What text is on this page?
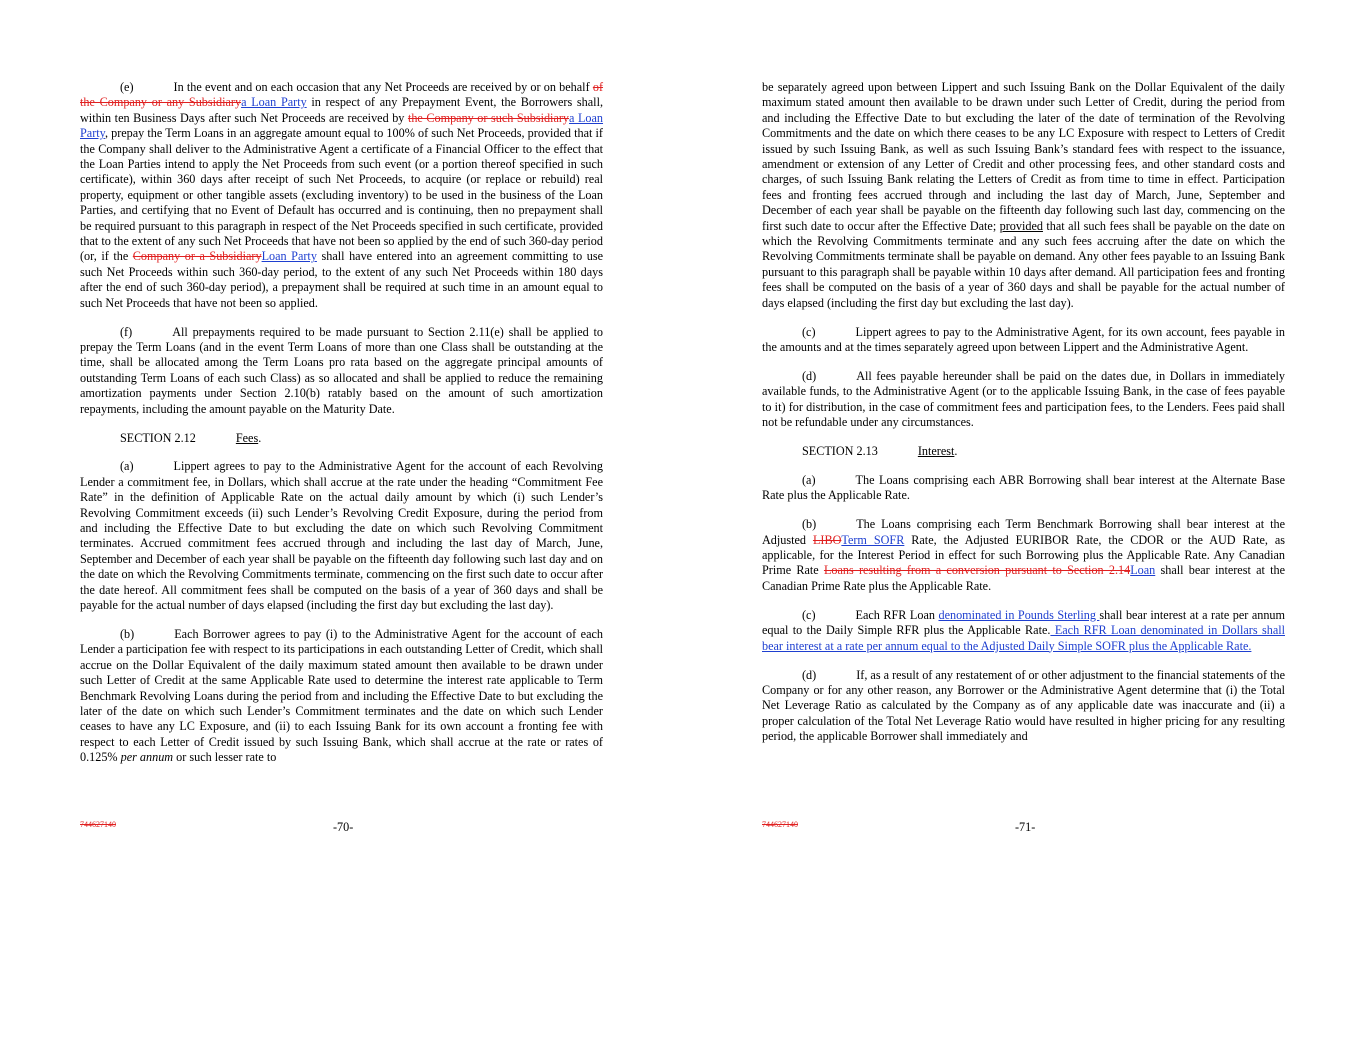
(e)	In the event and on each occasion that any Net Proceeds are received by or on behalf of the Company or any Subsidiarya Loan Party in respect of any Prepayment Event, the Borrowers shall, within ten Business Days after such Net Proceeds are received by the Company or such Subsidiarya Loan Party, prepay the Term Loans in an aggregate amount equal to 100% of such Net Proceeds, provided that if the Company shall deliver to the Administrative Agent a certificate of a Financial Officer to the effect that the Loan Parties intend to apply the Net Proceeds from such event (or a portion thereof specified in such certificate), within 360 days after receipt of such Net Proceeds, to acquire (or replace or rebuild) real property, equipment or other tangible assets (excluding inventory) to be used in the business of the Loan Parties, and certifying that no Event of Default has occurred and is continuing, then no prepayment shall be required pursuant to this paragraph in respect of the Net Proceeds specified in such certificate, provided that to the extent of any such Net Proceeds that have not been so applied by the end of such 360-day period (or, if the Company or a SubsidiaryLoan Party shall have entered into an agreement committing to use such Net Proceeds within such 360-day period, to the extent of any such Net Proceeds within 180 days after the end of such 360-day period), a prepayment shall be required at such time in an amount equal to such Net Proceeds that have not been so applied.

(f)	All prepayments required to be made pursuant to Section 2.11(e) shall be applied to prepay the Term Loans (and in the event Term Loans of more than one Class shall be outstanding at the time, shall be allocated among the Term Loans pro rata based on the aggregate principal amounts of outstanding Term Loans of each such Class) as so allocated and shall be applied to reduce the remaining amortization payments under Section 2.10(b) ratably based on the amount of such amortization repayments, including the amount payable on the Maturity Date.

SECTION 2.12	Fees.

(a)	Lippert agrees to pay to the Administrative Agent for the account of each Revolving Lender a commitment fee, in Dollars, which shall accrue at the rate under the heading “Commitment Fee Rate” in the definition of Applicable Rate on the actual daily amount by which (i) such Lender’s Revolving Commitment exceeds (ii) such Lender’s Revolving Credit Exposure, during the period from and including the Effective Date to but excluding the date on which such Revolving Commitment terminates. Accrued commitment fees accrued through and including the last day of March, June, September and December of each year shall be payable on the fifteenth day following such last day and on the date on which the Revolving Commitments terminate, commencing on the first such date to occur after the date hereof. All commitment fees shall be computed on the basis of a year of 360 days and shall be payable for the actual number of days elapsed (including the first day but excluding the last day).

(b)	Each Borrower agrees to pay (i) to the Administrative Agent for the account of each Lender a participation fee with respect to its participations in each outstanding Letter of Credit, which shall accrue on the Dollar Equivalent of the daily maximum stated amount then available to be drawn under such Letter of Credit at the same Applicable Rate used to determine the interest rate applicable to Term Benchmark Revolving Loans during the period from and including the Effective Date to but excluding the later of the date on which such Lender’s Commitment terminates and the date on which such Lender ceases to have any LC Exposure, and (ii) to each Issuing Bank for its own account a fronting fee with respect to each Letter of Credit issued by such Issuing Bank, which shall accrue at the rate or rates of 0.125% per annum or such lesser rate to

744627140	-70-

be separately agreed upon between Lippert and such Issuing Bank on the Dollar Equivalent of the daily maximum stated amount then available to be drawn under such Letter of Credit, during the period from and including the Effective Date to but excluding the later of the date of termination of the Revolving Commitments and the date on which there ceases to be any LC Exposure with respect to Letters of Credit issued by such Issuing Bank, as well as such Issuing Bank’s standard fees with respect to the issuance, amendment or extension of any Letter of Credit and other processing fees, and other standard costs and charges, of such Issuing Bank relating the Letters of Credit as from time to time in effect. Participation fees and fronting fees accrued through and including the last day of March, June, September and December of each year shall be payable on the fifteenth day following such last day, commencing on the first such date to occur after the Effective Date; provided that all such fees shall be payable on the date on which the Revolving Commitments terminate and any such fees accruing after the date on which the Revolving Commitments terminate shall be payable on demand. Any other fees payable to an Issuing Bank pursuant to this paragraph shall be payable within 10 days after demand. All participation fees and fronting fees shall be computed on the basis of a year of 360 days and shall be payable for the actual number of days elapsed (including the first day but excluding the last day).

(c)	Lippert agrees to pay to the Administrative Agent, for its own account, fees payable in the amounts and at the times separately agreed upon between Lippert and the Administrative Agent.

(d)	All fees payable hereunder shall be paid on the dates due, in Dollars in immediately available funds, to the Administrative Agent (or to the applicable Issuing Bank, in the case of fees payable to it) for distribution, in the case of commitment fees and participation fees, to the Lenders. Fees paid shall not be refundable under any circumstances.

SECTION 2.13	Interest.

(a)	The Loans comprising each ABR Borrowing shall bear interest at the Alternate Base Rate plus the Applicable Rate.

(b)	The Loans comprising each Term Benchmark Borrowing shall bear interest at the Adjusted LIBOTerm SOFR Rate, the Adjusted EURIBOR Rate, the CDOR or the AUD Rate, as applicable, for the Interest Period in effect for such Borrowing plus the Applicable Rate. Any Canadian Prime Rate Loans resulting from a conversion pursuant to Section 2.14Loan shall bear interest at the Canadian Prime Rate plus the Applicable Rate.

(c)	Each RFR Loan denominated in Pounds Sterling shall bear interest at a rate per annum equal to the Daily Simple RFR plus the Applicable Rate. Each RFR Loan denominated in Dollars shall bear interest at a rate per annum equal to the Adjusted Daily Simple SOFR plus the Applicable Rate.

(d)	If, as a result of any restatement of or other adjustment to the financial statements of the Company or for any other reason, any Borrower or the Administrative Agent determine that (i) the Total Net Leverage Ratio as calculated by the Company as of any applicable date was inaccurate and (ii) a proper calculation of the Total Net Leverage Ratio would have resulted in higher pricing for any resulting period, the applicable Borrower shall immediately and

744627140	-71-
